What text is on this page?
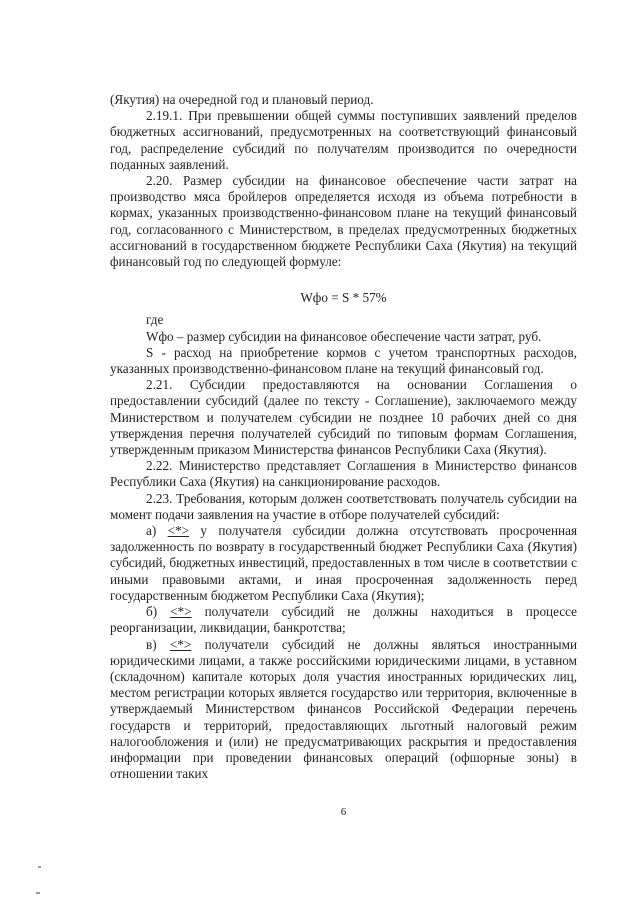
(Якутия) на очередной год и плановый период.

2.19.1. При превышении общей суммы поступивших заявлений пределов бюджетных ассигнований, предусмотренных на соответствующий финансовый год, распределение субсидий по получателям производится по очередности поданных заявлений.

2.20. Размер субсидии на финансовое обеспечение части затрат на производство мяса бройлеров определяется исходя из объема потребности в кормах, указанных производственно-финансовом плане на текущий финансовый год, согласованного с Министерством, в пределах предусмотренных бюджетных ассигнований в государственном бюджете Республики Саха (Якутия) на текущий финансовый год по следующей формуле:

Wфо = S * 57%

где

Wфо – размер субсидии на финансовое обеспечение части затрат, руб.

S - расход на приобретение кормов с учетом транспортных расходов, указанных производственно-финансовом плане на текущий финансовый год.

2.21. Субсидии предоставляются на основании Соглашения о предоставлении субсидий (далее по тексту - Соглашение), заключаемого между Министерством и получателем субсидии не позднее 10 рабочих дней со дня утверждения перечня получателей субсидий по типовым формам Соглашения, утвержденным приказом Министерства финансов Республики Саха (Якутия).

2.22. Министерство представляет Соглашения в Министерство финансов Республики Саха (Якутия) на санкционирование расходов.

2.23. Требования, которым должен соответствовать получатель субсидии на момент подачи заявления на участие в отборе получателей субсидий:

а) <*> у получателя субсидии должна отсутствовать просроченная задолженность по возврату в государственный бюджет Республики Саха (Якутия) субсидий, бюджетных инвестиций, предоставленных в том числе в соответствии с иными правовыми актами, и иная просроченная задолженность перед государственным бюджетом Республики Саха (Якутия);

б) <*> получатели субсидий не должны находиться в процессе реорганизации, ликвидации, банкротства;

в) <*> получатели субсидий не должны являться иностранными юридическими лицами, а также российскими юридическими лицами, в уставном (складочном) капитале которых доля участия иностранных юридических лиц, местом регистрации которых является государство или территория, включенные в утверждаемый Министерством финансов Российской Федерации перечень государств и территорий, предоставляющих льготный налоговый режим налогообложения и (или) не предусматривающих раскрытия и предоставления информации при проведении финансовых операций (офшорные зоны) в отношении таких

6
